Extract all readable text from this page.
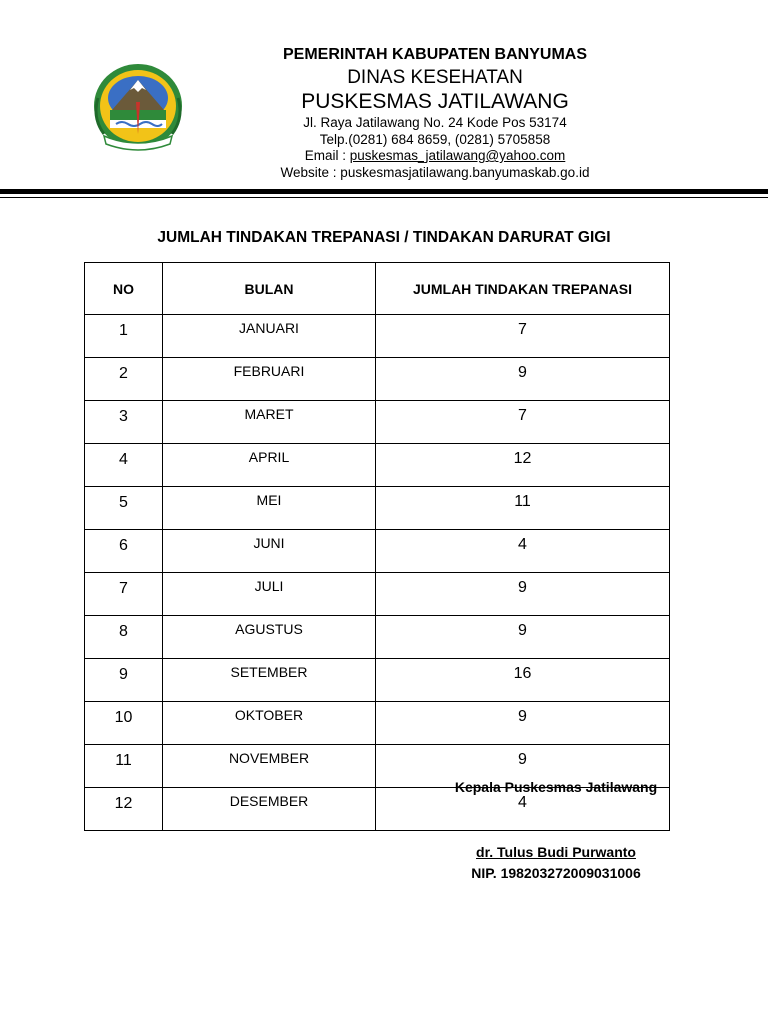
PEMERINTAH KABUPATEN BANYUMAS
DINAS KESEHATAN
PUSKESMAS JATILAWANG
Jl. Raya Jatilawang No. 24 Kode Pos 53174
Telp.(0281) 684 8659, (0281) 5705858
Email : puskesmas_jatilawang@yahoo.com
Website : puskesmasjatilawang.banyumaskab.go.id
JUMLAH TINDAKAN TREPANASI / TINDAKAN DARURAT GIGI
NO	BULAN	JUMLAH TINDAKAN TREPANASI
1	JANUARI	7
2	FEBRUARI	9
3	MARET	7
4	APRIL	12
5	MEI	11
6	JUNI	4
7	JULI	9
8	AGUSTUS	9
9	SETEMBER	16
10	OKTOBER	9
11	NOVEMBER	9
12	DESEMBER	4
Kepala Puskesmas Jatilawang
dr. Tulus Budi Purwanto
NIP. 198203272009031006
